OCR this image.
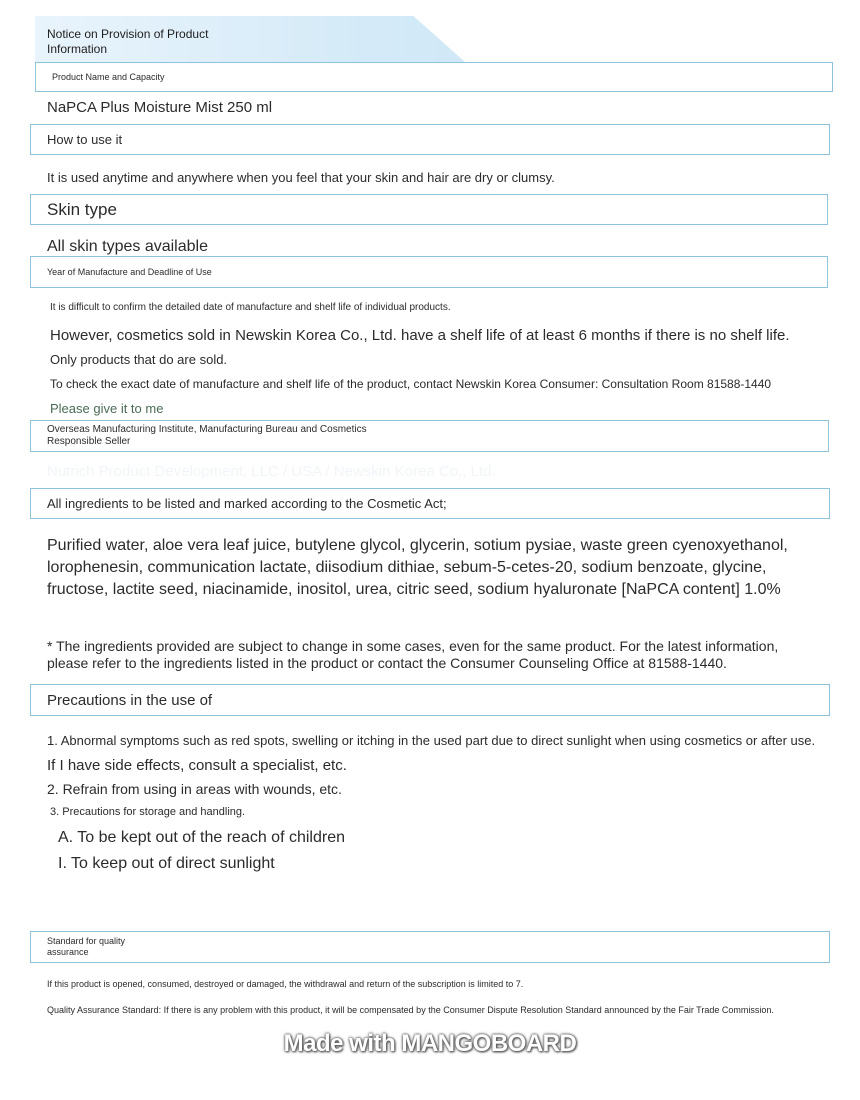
Notice on Provision of Product Information
Product Name and Capacity
NaPCA Plus Moisture Mist 250 ml
How to use it
It is used anytime and anywhere when you feel that your skin and hair are dry or clumsy.
Skin type
All skin types available
Year of Manufacture and Deadline of Use
It is difficult to confirm the detailed date of manufacture and shelf life of individual products.
However, cosmetics sold in Newskin Korea Co., Ltd. have a shelf life of at least 6 months if there is no shelf life.
Only products that do are sold.
To check the exact date of manufacture and shelf life of the product, contact Newskin Korea Consumer: Consultation Room 81588-1440
Please give it to me
Overseas Manufacturing Institute, Manufacturing Bureau and Cosmetics Responsible Seller
Nutrich Product Development, LLC / USA / Newskin Korea Co., Ltd.
All ingredients to be listed and marked according to the Cosmetic Act;
Purified water, aloe vera leaf juice, butylene glycol, glycerin, sotium pysiae, waste green cyenoxyethanol,
lorophenesin, communication lactate, diisodium dithiae, sebum-5-cetes-20, sodium benzoate, glycine,
fructose, lactite seed, niacinamide, inositol, urea, citric seed, sodium hyaluronate [NaPCA content] 1.0%
* The ingredients provided are subject to change in some cases, even for the same product. For the latest information,
please refer to the ingredients listed in the product or contact the Consumer Counseling Office at 81588-1440.
Precautions in the use of
1. Abnormal symptoms such as red spots, swelling or itching in the used part due to direct sunlight when using cosmetics or after use.
If I have side effects, consult a specialist, etc.
2. Refrain from using in areas with wounds, etc.
3. Precautions for storage and handling.
A. To be kept out of the reach of children
I. To keep out of direct sunlight
Standard for quality assurance
If this product is opened, consumed, destroyed or damaged, the withdrawal and return of the subscription is limited to 7.
Quality Assurance Standard: If there is any problem with this product, it will be compensated by the Consumer Dispute Resolution Standard announced by the Fair Trade Commission.
Made with MANGOBOARD
